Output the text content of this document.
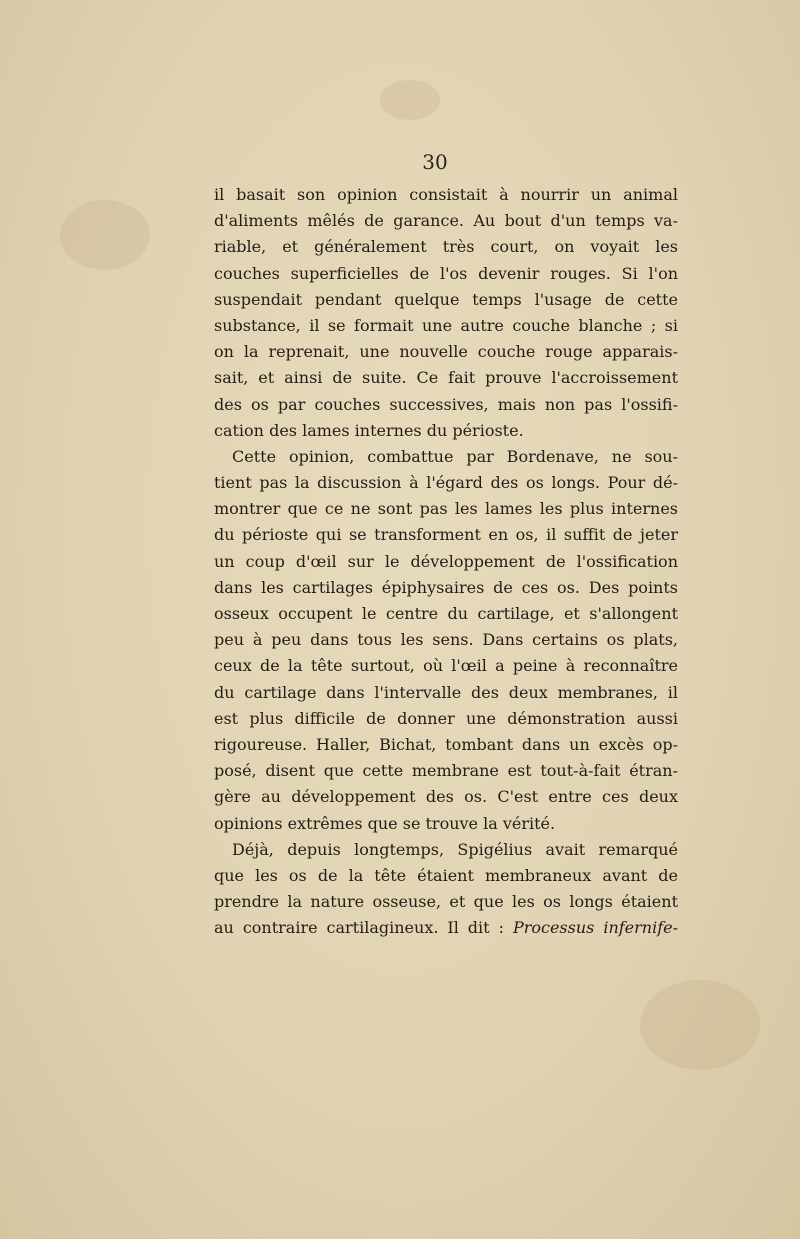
30

il basait son opinion consistait à nourrir un animal
d'aliments mêlés de garance. Au bout d'un temps va-
riable, et généralement très court, on voyait les
couches superficielles de l'os devenir rouges. Si l'on
suspendait pendant quelque temps l'usage de cette
substance, il se formait une autre couche blanche ; si
on la reprenait, une nouvelle couche rouge apparais-
sait, et ainsi de suite. Ce fait prouve l'accroissement
des os par couches successives, mais non pas l'ossifi-
cation des lames internes du périoste.
Cette opinion, combattue par Bordenave, ne sou-
tient pas la discussion à l'égard des os longs. Pour dé-
montrer que ce ne sont pas les lames les plus internes
du périoste qui se transforment en os, il suffit de jeter
un coup d'œil sur le développement de l'ossification
dans les cartilages épiphysaires de ces os. Des points
osseux occupent le centre du cartilage, et s'allongent
peu à peu dans tous les sens. Dans certains os plats,
ceux de la tête surtout, où l'œil a peine à reconnaître
du cartilage dans l'intervalle des deux membranes, il
est plus difficile de donner une démonstration aussi
rigoureuse. Haller, Bichat, tombant dans un excès op-
posé, disent que cette membrane est tout-à-fait étran-
gère au développement des os. C'est entre ces deux
opinions extrêmes que se trouve la vérité.
Déjà, depuis longtemps, Spigélius avait remarqué
que les os de la tête étaient membraneux avant de
prendre la nature osseuse, et que les os longs étaient
au contraire cartilagineux. Il dit : Processus infernife-
